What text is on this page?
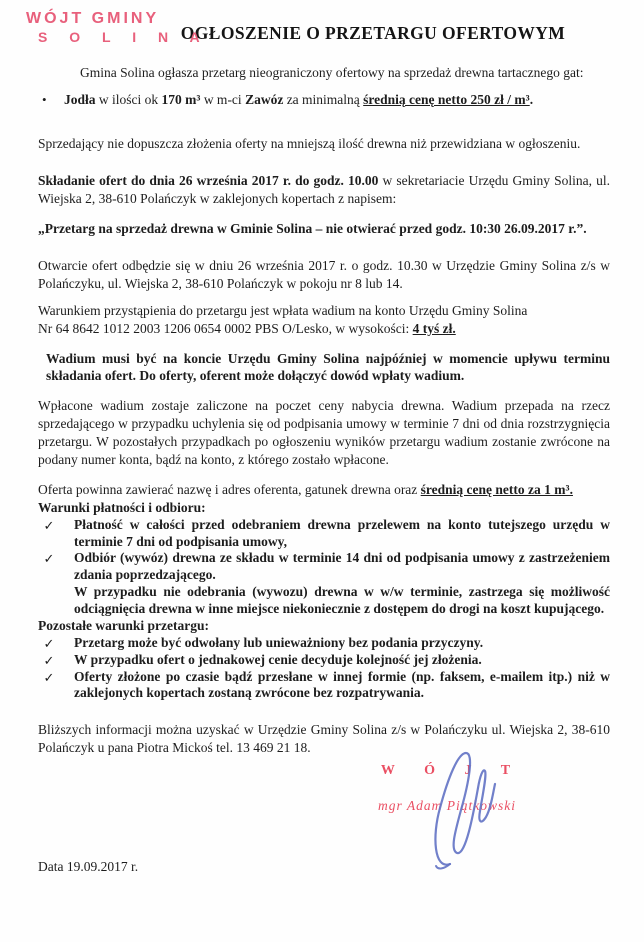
WÓJT GMINY
S O L I N A
OGŁOSZENIE O PRZETARGU OFERTOWYM

Gmina Solina ogłasza przetarg nieograniczony ofertowy na sprzedaż drewna tartacznego gat:

•	Jodła w ilości ok 170 m³ w m-ci Zawóz za minimalną średnią cenę netto 250 zł / m³.

Sprzedający nie dopuszcza złożenia oferty na mniejszą ilość drewna niż przewidziana w ogłoszeniu.

Składanie ofert do dnia 26 września 2017 r. do godz. 10.00 w sekretariacie Urzędu Gminy Solina, ul. Wiejska 2, 38-610 Polańczyk w zaklejonych kopertach z napisem:

„Przetarg na sprzedaż drewna w Gminie Solina – nie otwierać przed godz. 10:30 26.09.2017 r.”.

Otwarcie ofert odbędzie się w dniu 26 września 2017 r. o godz. 10.30 w Urzędzie Gminy Solina z/s w Polańczyku, ul. Wiejska 2, 38-610 Polańczyk w pokoju nr 8 lub 14.

Warunkiem przystąpienia do przetargu jest wpłata wadium na konto Urzędu Gminy Solina
Nr 64 8642 1012 2003 1206 0654 0002 PBS O/Lesko, w wysokości: 4 tyś zł.

Wadium musi być na koncie Urzędu Gminy Solina najpóźniej w momencie upływu terminu składania ofert. Do oferty, oferent może dołączyć dowód wpłaty wadium.

Wpłacone wadium zostaje zaliczone na poczet ceny nabycia drewna. Wadium przepada na rzecz sprzedającego w przypadku uchylenia się od podpisania umowy w terminie 7 dni od dnia rozstrzygnięcia przetargu. W pozostałych przypadkach po ogłoszeniu wyników przetargu wadium zostanie zwrócone na podany numer konta, bądź na konto, z którego zostało wpłacone.

Oferta powinna zawierać nazwę i adres oferenta, gatunek drewna oraz średnią cenę netto za 1 m³.

Warunki płatności i odbioru:

✓	Płatność w całości przed odebraniem drewna przelewem na konto tutejszego urzędu w terminie 7 dni od podpisania umowy,
✓	Odbiór (wywóz) drewna ze składu w terminie 14 dni od podpisania umowy z zastrzeżeniem zdania poprzedzającego.
W przypadku nie odebrania (wywozu) drewna w w/w terminie, zastrzega się możliwość odciągnięcia drewna w inne miejsce niekoniecznie z dostępem do drogi na koszt kupującego.

Pozostałe warunki przetargu:

✓	Przetarg może być odwołany lub unieważniony bez podania przyczyny.
✓	W przypadku ofert o jednakowej cenie decyduje kolejność jej złożenia.
✓	Oferty złożone po czasie bądź przesłane w innej formie (np. faksem, e-mailem itp.) niż w zaklejonych kopertach zostaną zwrócone bez rozpatrywania.

Bliższych informacji można uzyskać w Urzędzie Gminy Solina z/s w Polańczyku ul. Wiejska 2, 38-610 Polańczyk u pana Piotra Mickoś tel. 13 469 21 18.

W Ó J T
mgr Adam Piątkowski

Data 19.09.2017 r.
